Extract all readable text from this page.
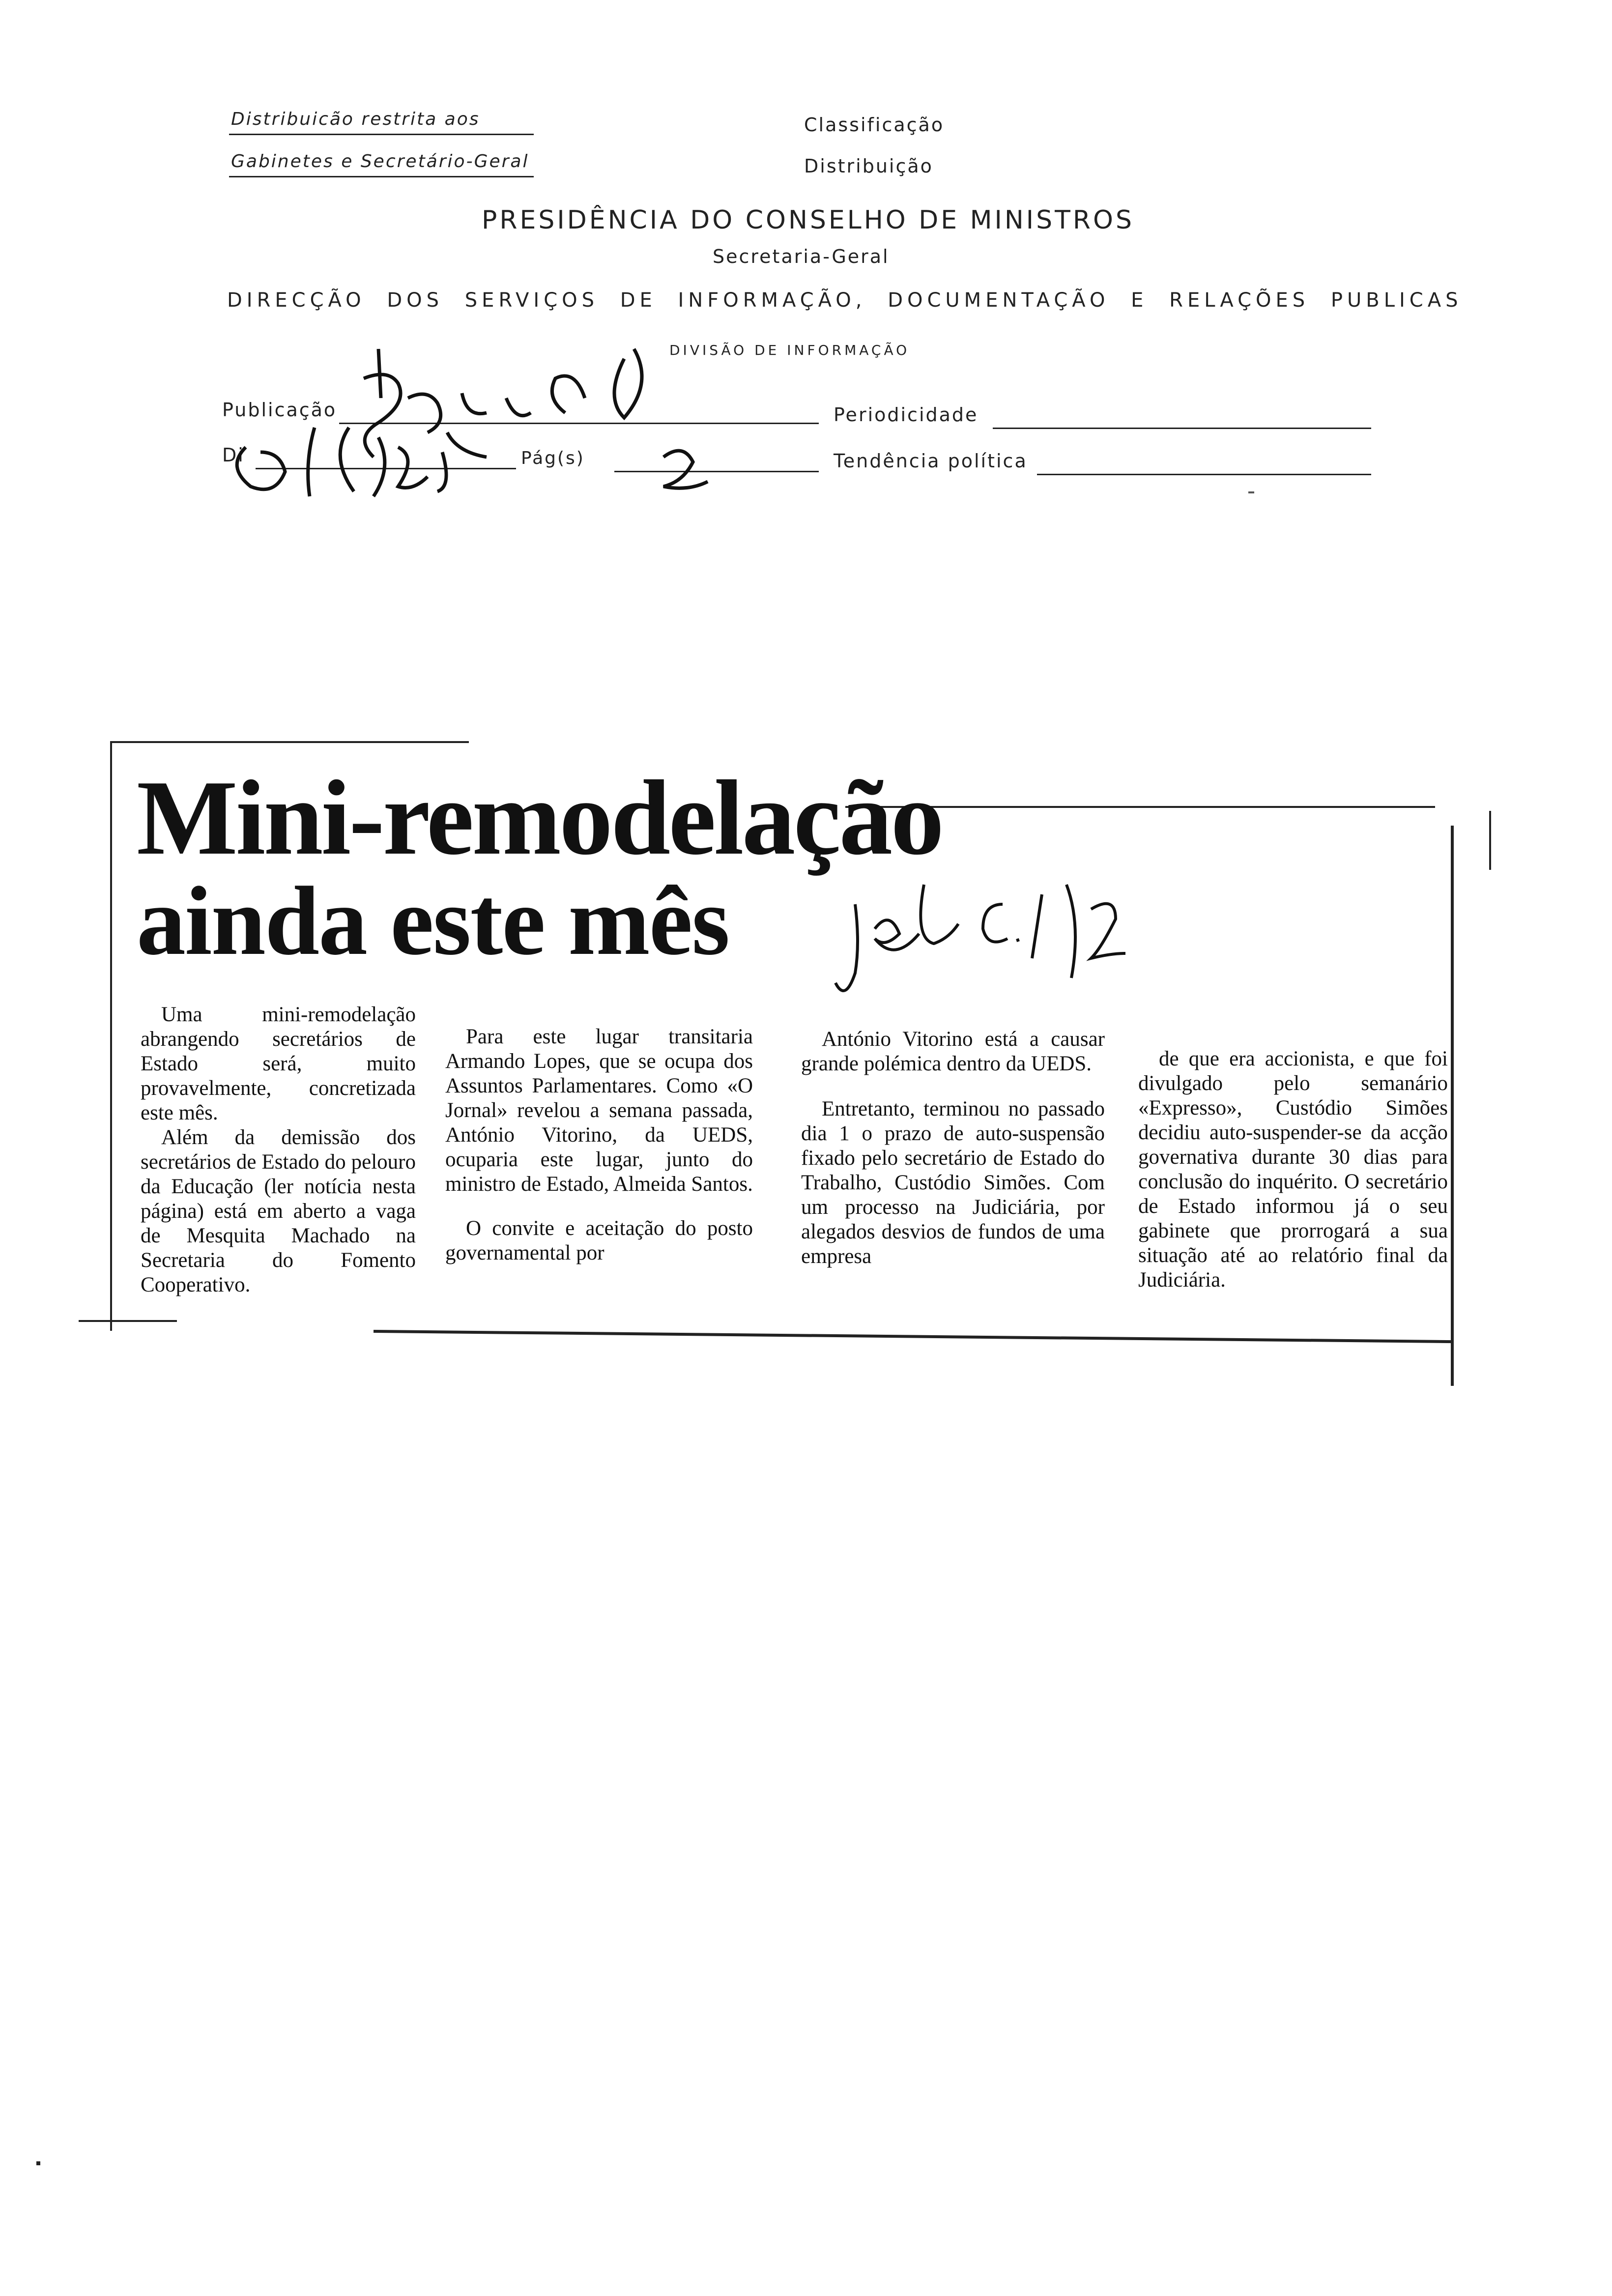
Distribuicão restrita aos
Gabinetes e Secretário-Geral
Classificação
Distribuição
PRESIDÊNCIA DO CONSELHO DE MINISTROS
Secretaria-Geral
DIRECÇÃO DOS SERVIÇOS DE INFORMAÇÃO, DOCUMENTAÇÃO E RELAÇÕES PUBLICAS
DIVISÃO DE INFORMAÇÃO
Publicação
Di	Pág(s)
Periodicidade
Tendência política
Mini-remodelação
ainda este mês

Uma mini-remodelação abrangendo secretários de Estado será, muito provavelmente, concretizada este mês.

Além da demissão dos secretários de Estado do pelouro da Educação (ler notícia nesta página) está em aberto a vaga de Mesquita Machado na Secretaria do Fomento Cooperativo.

Para este lugar transitaria Armando Lopes, que se ocupa dos Assuntos Parlamentares. Como «O Jornal» revelou a semana passada, António Vitorino, da UEDS, ocuparia este lugar, junto do ministro de Estado, Almeida Santos.

O convite e aceitação do posto governamental por

António Vitorino está a causar grande polémica dentro da UEDS.

Entretanto, terminou no passado dia 1 o prazo de auto-suspensão fixado pelo secretário de Estado do Trabalho, Custódio Simões. Com um processo na Judiciária, por alegados desvios de fundos de uma empresa

de que era accionista, e que foi divulgado pelo semanário «Expresso», Custódio Simões decidiu auto-suspender-se da acção governativa durante 30 dias para conclusão do inquérito. O secretário de Estado informou já o seu gabinete que prorrogará a sua situação até ao relatório final da Judiciária.
